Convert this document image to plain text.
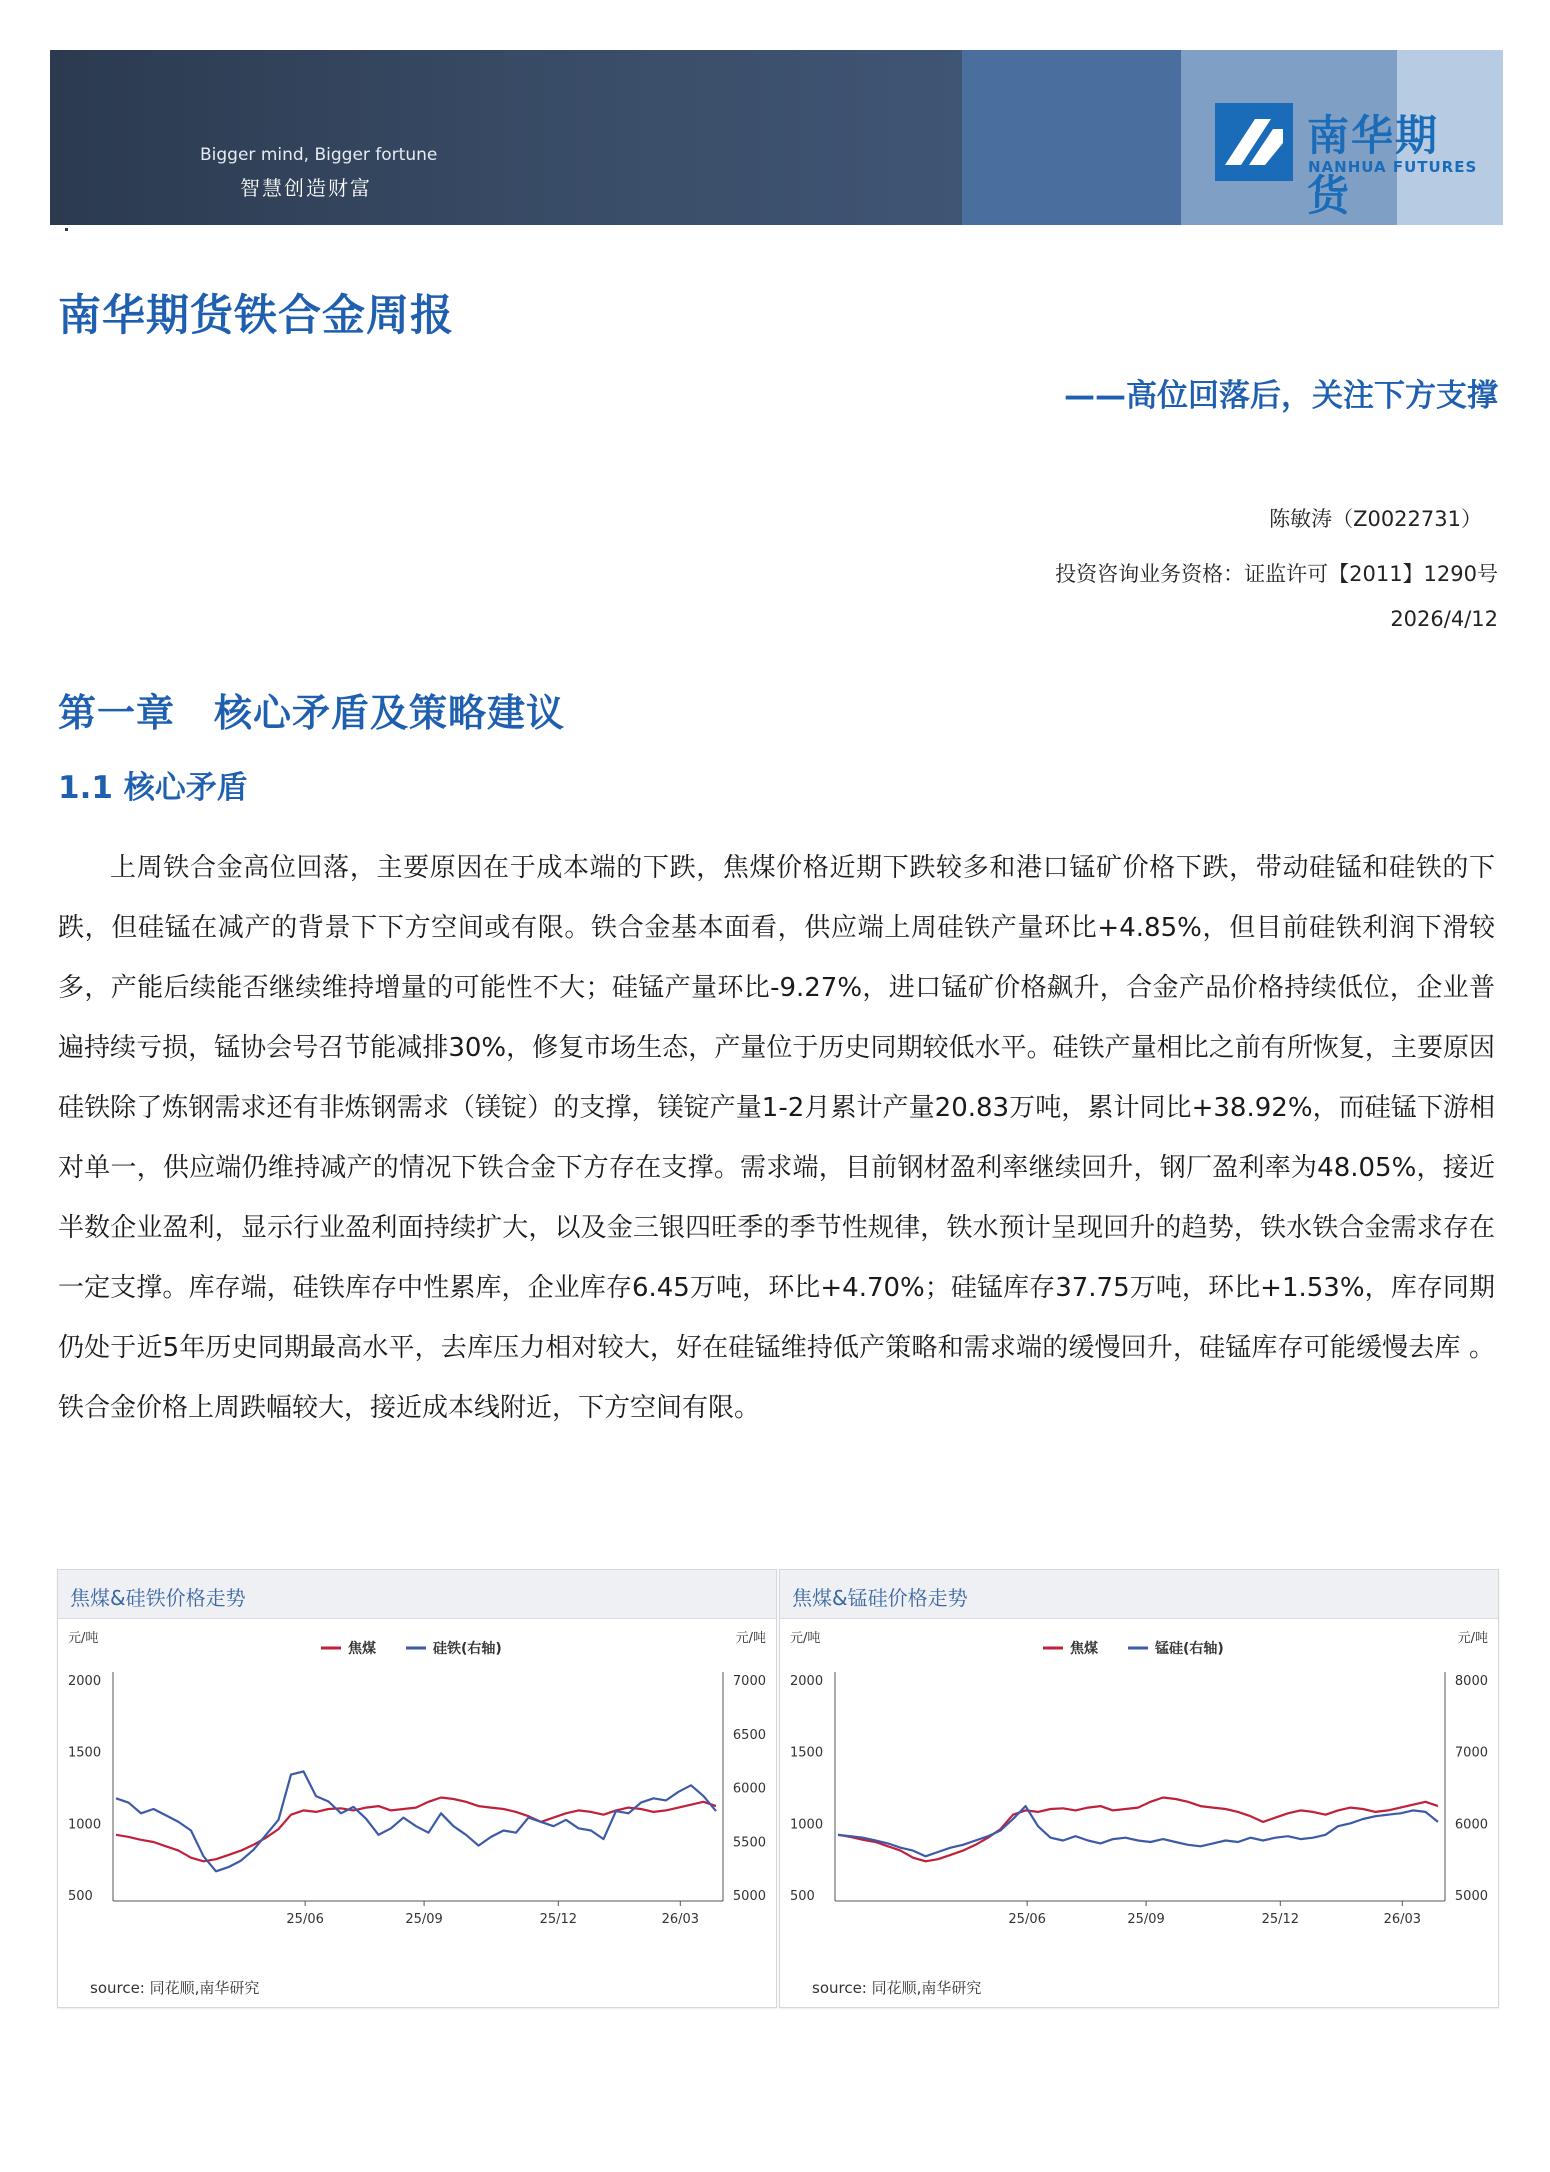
Bigger mind, Bigger fortune
智慧创造财富
南华期货
NANHUA FUTURES
南华期货铁合金周报
——高位回落后，关注下方支撑
陈敏涛（Z0022731）
投资咨询业务资格：证监许可【2011】1290号
2026/4/12
第一章　核心矛盾及策略建议
1.1 核心矛盾
上周铁合金高位回落，主要原因在于成本端的下跌，焦煤价格近期下跌较多和港口锰矿价格下跌，带动硅锰和硅铁的下跌，但硅锰在减产的背景下下方空间或有限。铁合金基本面看，供应端上周硅铁产量环比+4.85%，但目前硅铁利润下滑较多，产能后续能否继续维持增量的可能性不大；硅锰产量环比-9.27%，进口锰矿价格飙升，合金产品价格持续低位，企业普遍持续亏损，锰协会号召节能减排30%，修复市场生态，产量位于历史同期较低水平。硅铁产量相比之前有所恢复，主要原因硅铁除了炼钢需求还有非炼钢需求（镁锭）的支撑，镁锭产量1-2月累计产量20.83万吨，累计同比+38.92%，而硅锰下游相对单一，供应端仍维持减产的情况下铁合金下方存在支撑。需求端，目前钢材盈利率继续回升，钢厂盈利率为48.05%，接近半数企业盈利，显示行业盈利面持续扩大，以及金三银四旺季的季节性规律，铁水预计呈现回升的趋势，铁水铁合金需求存在一定支撑。库存端，硅铁库存中性累库，企业库存6.45万吨，环比+4.70%；硅锰库存37.75万吨，环比+1.53%，库存同期仍处于近5年历史同期最高水平，去库压力相对较大，好在硅锰维持低产策略和需求端的缓慢回升，硅锰库存可能缓慢去库 。铁合金价格上周跌幅较大，接近成本线附近，下方空间有限。
焦煤&硅铁价格走势
元/吨	元/吨
焦煤	硅铁(右轴)
2000
1500
1000
500
7000
6500
6000
5500
5000
25/06	25/09	25/12	26/03
source: 同花顺,南华研究
焦煤&锰硅价格走势
元/吨	元/吨
焦煤	锰硅(右轴)
2000
1500
1000
500
8000
7000
6000
5000
25/06	25/09	25/12	26/03
source: 同花顺,南华研究
